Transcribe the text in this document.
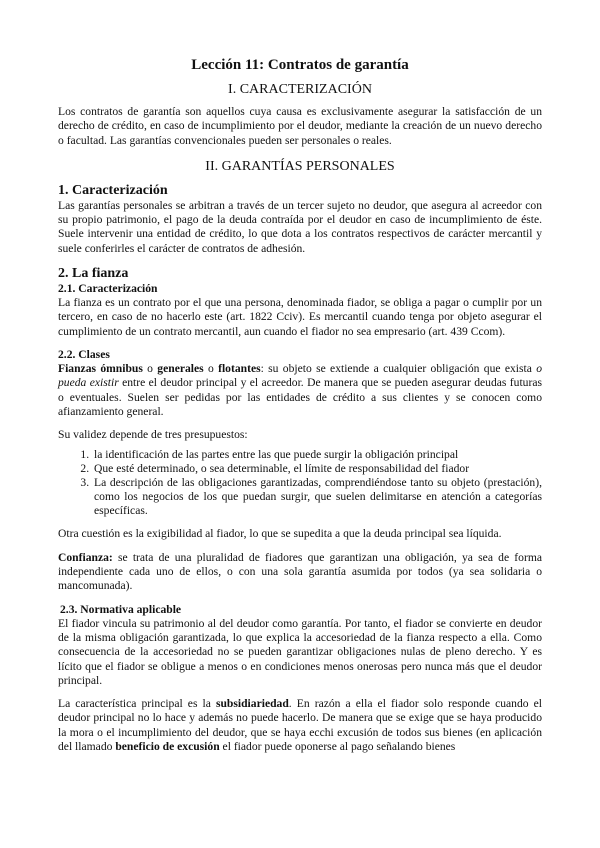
Lección 11: Contratos de garantía

I. CARACTERIZACIÓN

Los contratos de garantía son aquellos cuya causa es exclusivamente asegurar la satisfacción de un derecho de crédito, en caso de incumplimiento por el deudor, mediante la creación de un nuevo derecho o facultad. Las garantías convencionales pueden ser personales o reales.

II. GARANTÍAS PERSONALES

1. Caracterización

Las garantías personales se arbitran a través de un tercer sujeto no deudor, que asegura al acreedor con su propio patrimonio, el pago de la deuda contraída por el deudor en caso de incumplimiento de éste. Suele intervenir una entidad de crédito, lo que dota a los contratos respectivos de carácter mercantil y suele conferirles el carácter de contratos de adhesión.

2. La fianza

2.1. Caracterización

La fianza es un contrato por el que una persona, denominada fiador, se obliga a pagar o cumplir por un tercero, en caso de no hacerlo este (art. 1822 Cciv). Es mercantil cuando tenga por objeto asegurar el cumplimiento de un contrato mercantil, aun cuando el fiador no sea empresario (art. 439 Ccom).

2.2. Clases

Fianzas ómnibus o generales o flotantes: su objeto se extiende a cualquier obligación que exista o pueda existir entre el deudor principal y el acreedor. De manera que se pueden asegurar deudas futuras o eventuales. Suelen ser pedidas por las entidades de crédito a sus clientes y se conocen como afianzamiento general.

Su validez depende de tres presupuestos:

1. la identificación de las partes entre las que puede surgir la obligación principal
2. Que esté determinado, o sea determinable, el límite de responsabilidad del fiador
3. La descripción de las obligaciones garantizadas, comprendiéndose tanto su objeto (prestación), como los negocios de los que puedan surgir, que suelen delimitarse en atención a categorías específicas.

Otra cuestión es la exigibilidad al fiador, lo que se supedita a que la deuda principal sea líquida.

Confianza: se trata de una pluralidad de fiadores que garantizan una obligación, ya sea de forma independiente cada uno de ellos, o con una sola garantía asumida por todos (ya sea solidaria o mancomunada).

2.3. Normativa aplicable

El fiador vincula su patrimonio al del deudor como garantía. Por tanto, el fiador se convierte en deudor de la misma obligación garantizada, lo que explica la accesoriedad de la fianza respecto a ella. Como consecuencia de la accesoriedad no se pueden garantizar obligaciones nulas de pleno derecho. Y es lícito que el fiador se obligue a menos o en condiciones menos onerosas pero nunca más que el deudor principal.

La característica principal es la subsidiariedad. En razón a ella el fiador solo responde cuando el deudor principal no lo hace y además no puede hacerlo. De manera que se exige que se haya producido la mora o el incumplimiento del deudor, que se haya ecchi excusión de todos sus bienes (en aplicación del llamado beneficio de excusión el fiador puede oponerse al pago señalando bienes
